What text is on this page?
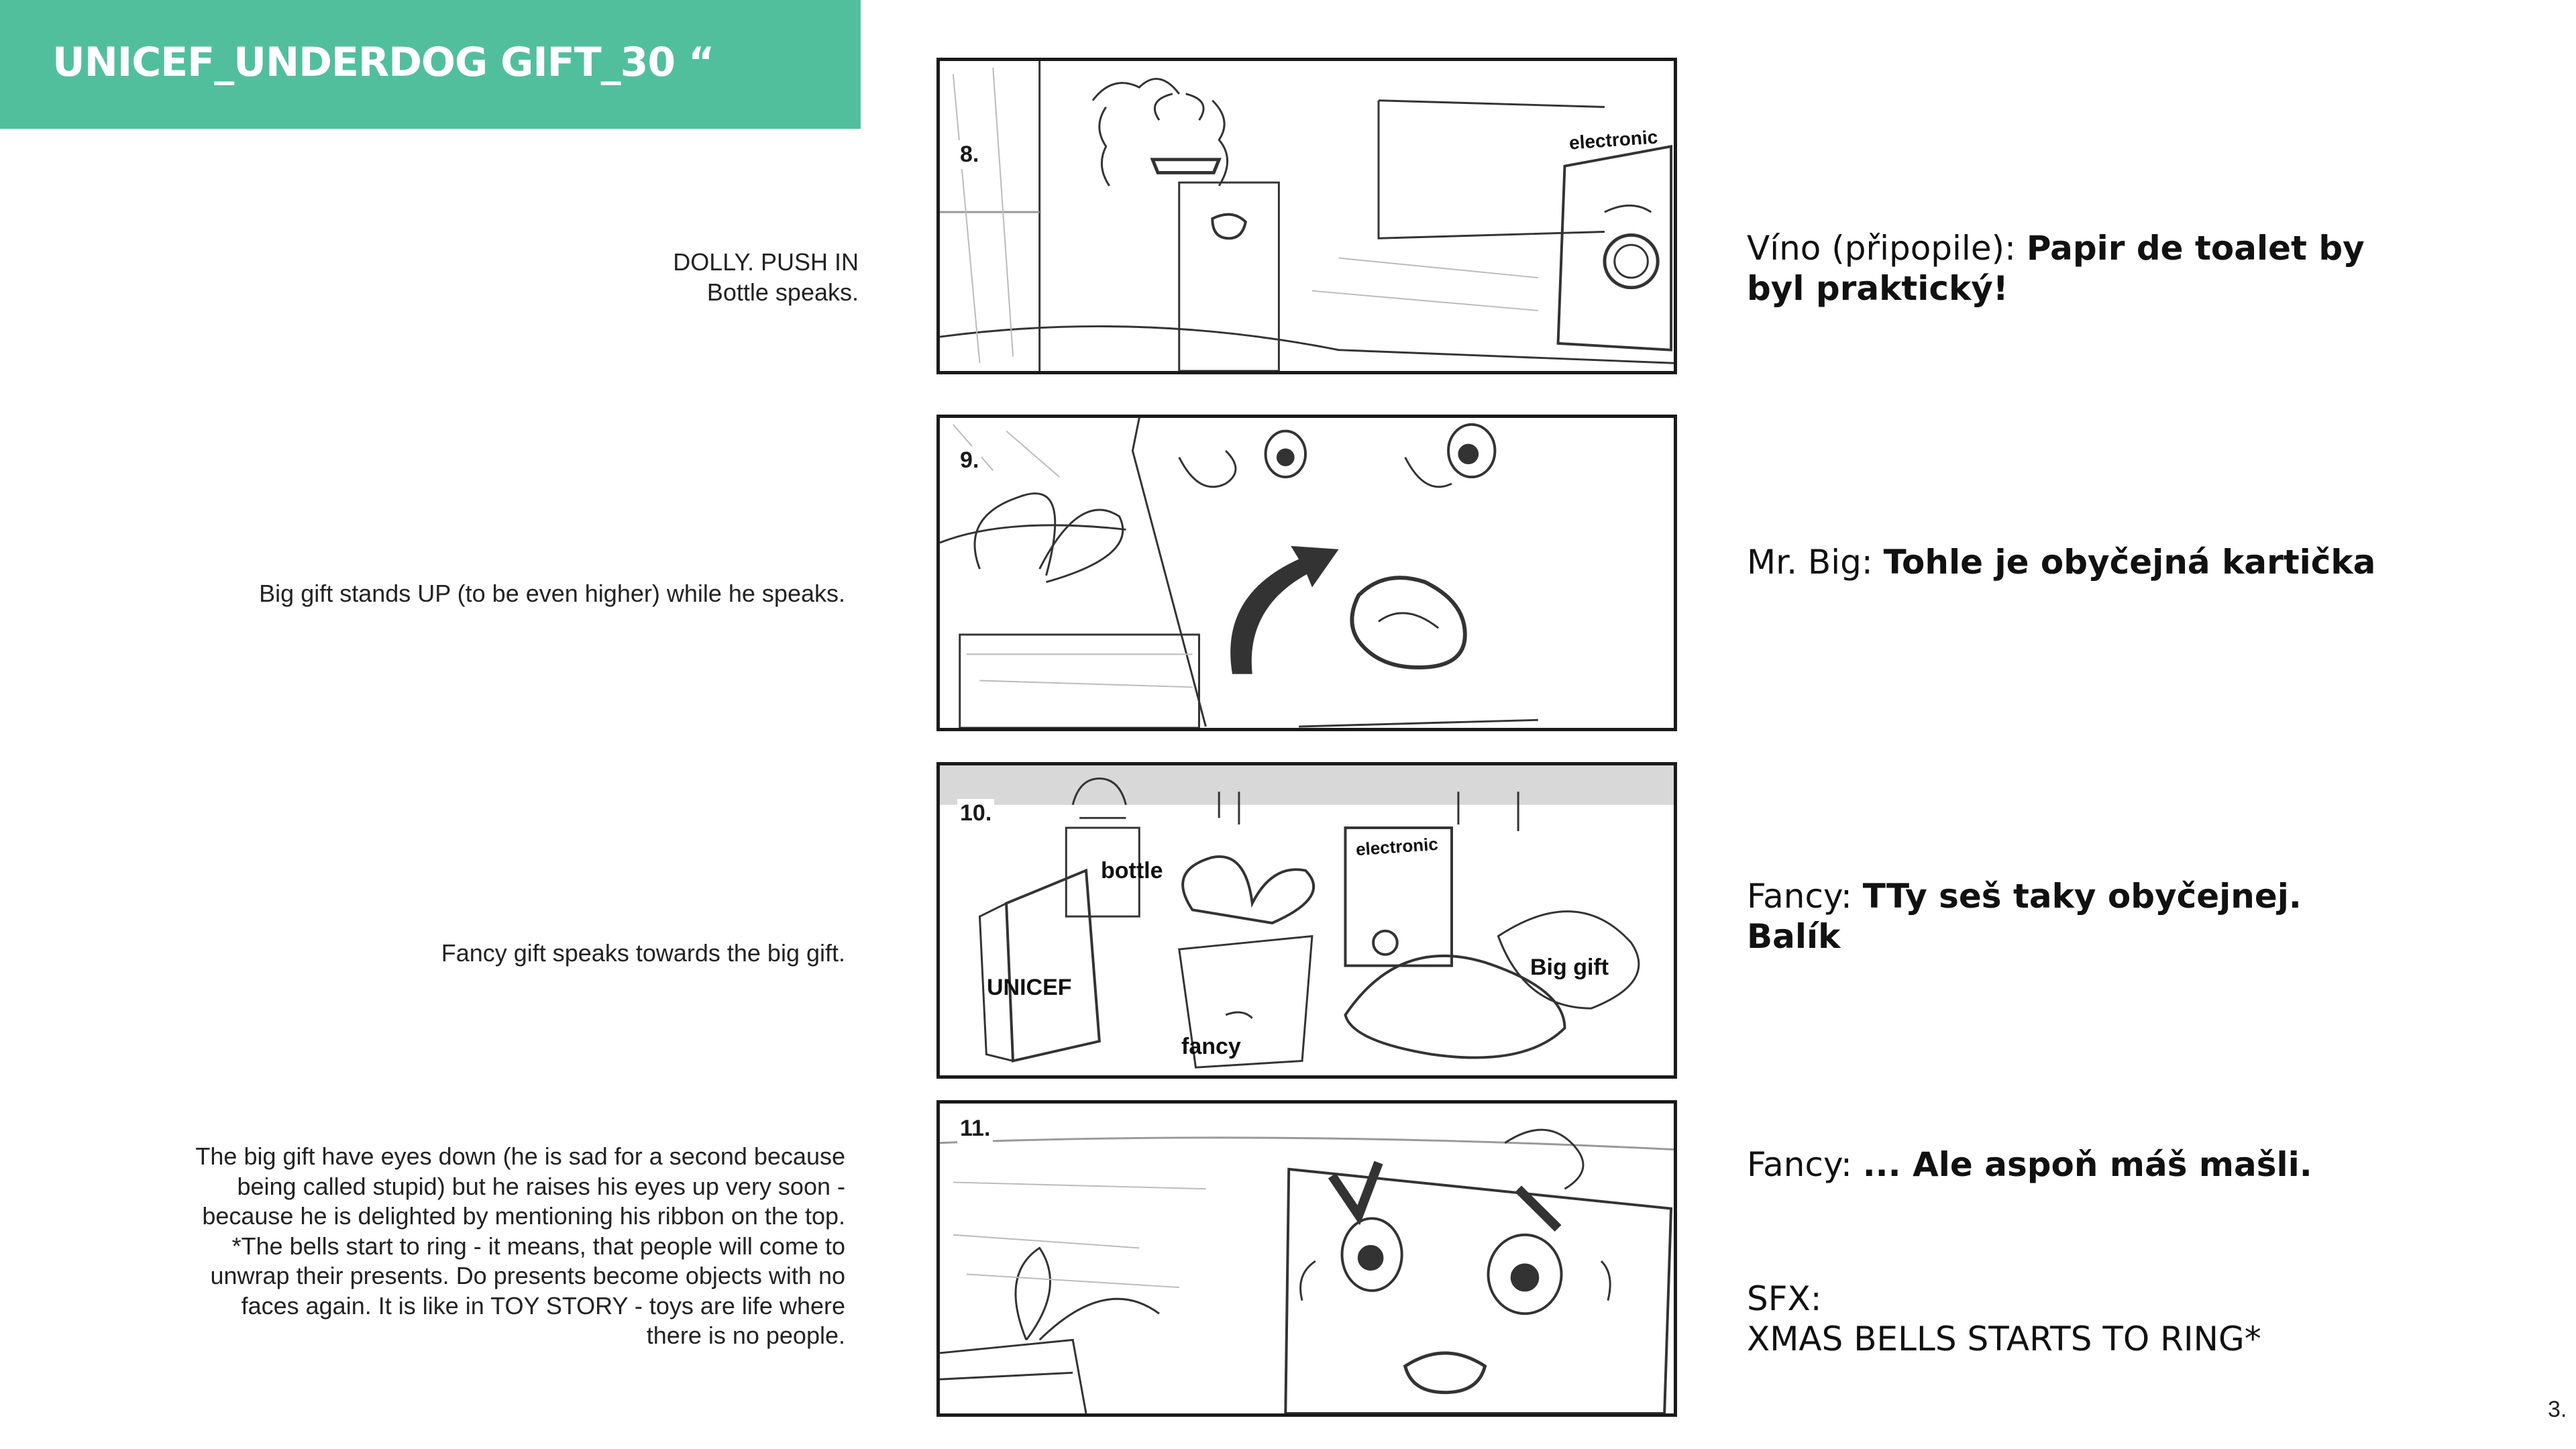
UNICEF_UNDERDOG GIFT_30 “
DOLLY. PUSH IN
Bottle speaks.
Big gift stands UP (to be even higher) while he speaks.
Fancy gift speaks towards the big gift.
The big gift have eyes down (he is sad for a second because being called stupid) but he raises his eyes up very soon - because he is delighted by mentioning his ribbon on the top.
*The bells start to ring - it means, that people will come to unwrap their presents. Do presents become objects with no faces again. It is like in TOY STORY - toys are life where there is no people.
8.
electronic
9.
10.
bottle
electronic
UNICEF
Big gift
fancy
11.
Víno (připopile): Papir de toalet by byl praktický!
Mr. Big: Tohle je obyčejná kartička
Fancy: TTy seš taky obyčejnej. Balík
Fancy: ... Ale aspoň máš mašli.
SFX:
XMAS BELLS STARTS TO RING*
3.
